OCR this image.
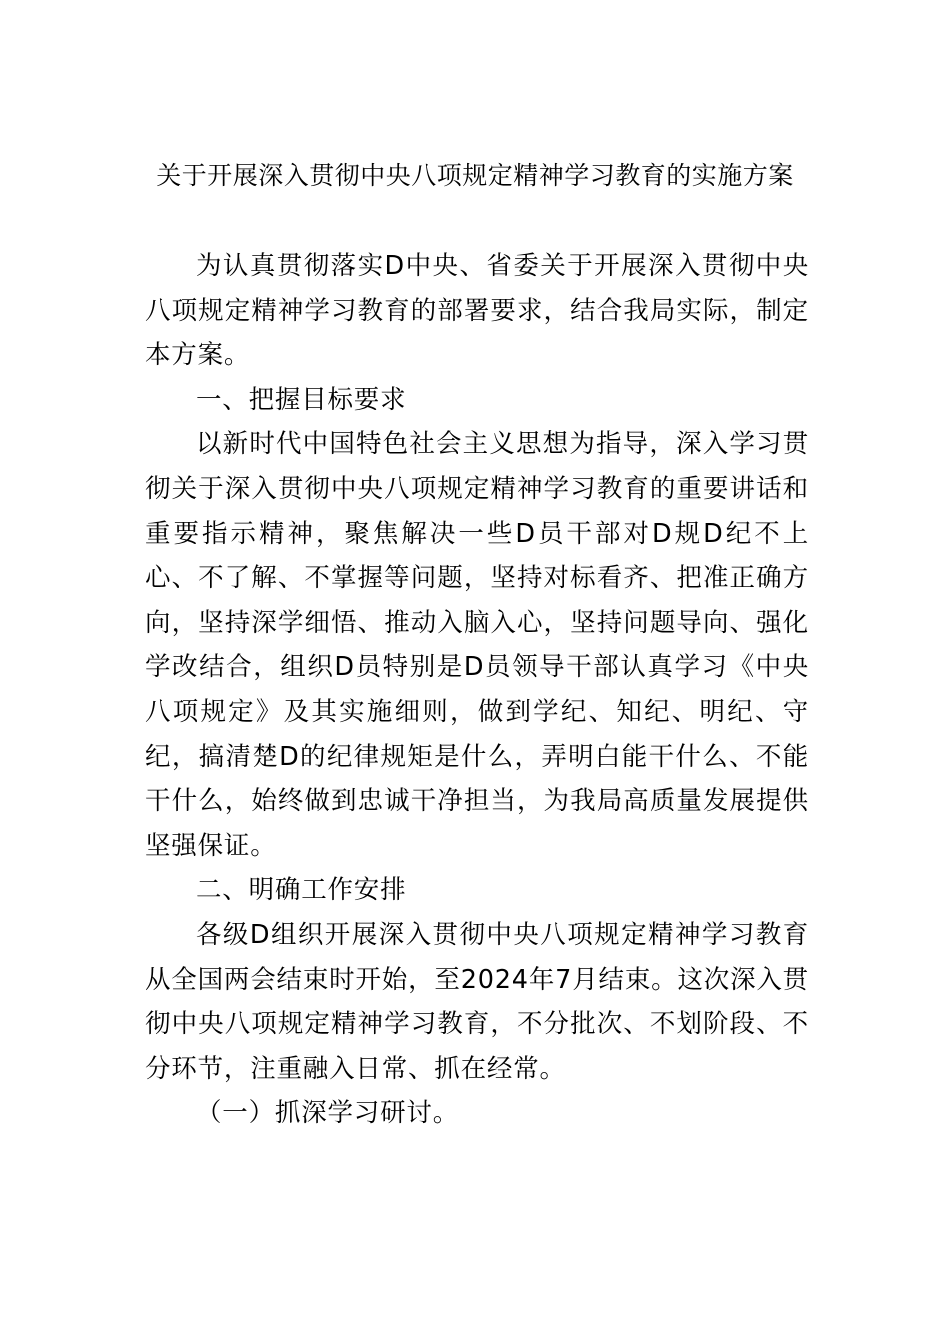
关于开展深入贯彻中央八项规定精神学习教育的实施方案

为认真贯彻落实D中央、省委关于开展深入贯彻中央八项规定精神学习教育的部署要求，结合我局实际，制定本方案。

一、把握目标要求

以新时代中国特色社会主义思想为指导，深入学习贯彻关于深入贯彻中央八项规定精神学习教育的重要讲话和重要指示精神，聚焦解决一些D员干部对D规D纪不上心、不了解、不掌握等问题，坚持对标看齐、把准正确方向，坚持深学细悟、推动入脑入心，坚持问题导向、强化学改结合，组织D员特别是D员领导干部认真学习《中央八项规定》及其实施细则，做到学纪、知纪、明纪、守纪，搞清楚D的纪律规矩是什么，弄明白能干什么、不能干什么，始终做到忠诚干净担当，为我局高质量发展提供坚强保证。

二、明确工作安排

各级D组织开展深入贯彻中央八项规定精神学习教育从全国两会结束时开始，至2024年7月结束。这次深入贯彻中央八项规定精神学习教育，不分批次、不划阶段、不分环节，注重融入日常、抓在经常。

（一）抓深学习研讨。
